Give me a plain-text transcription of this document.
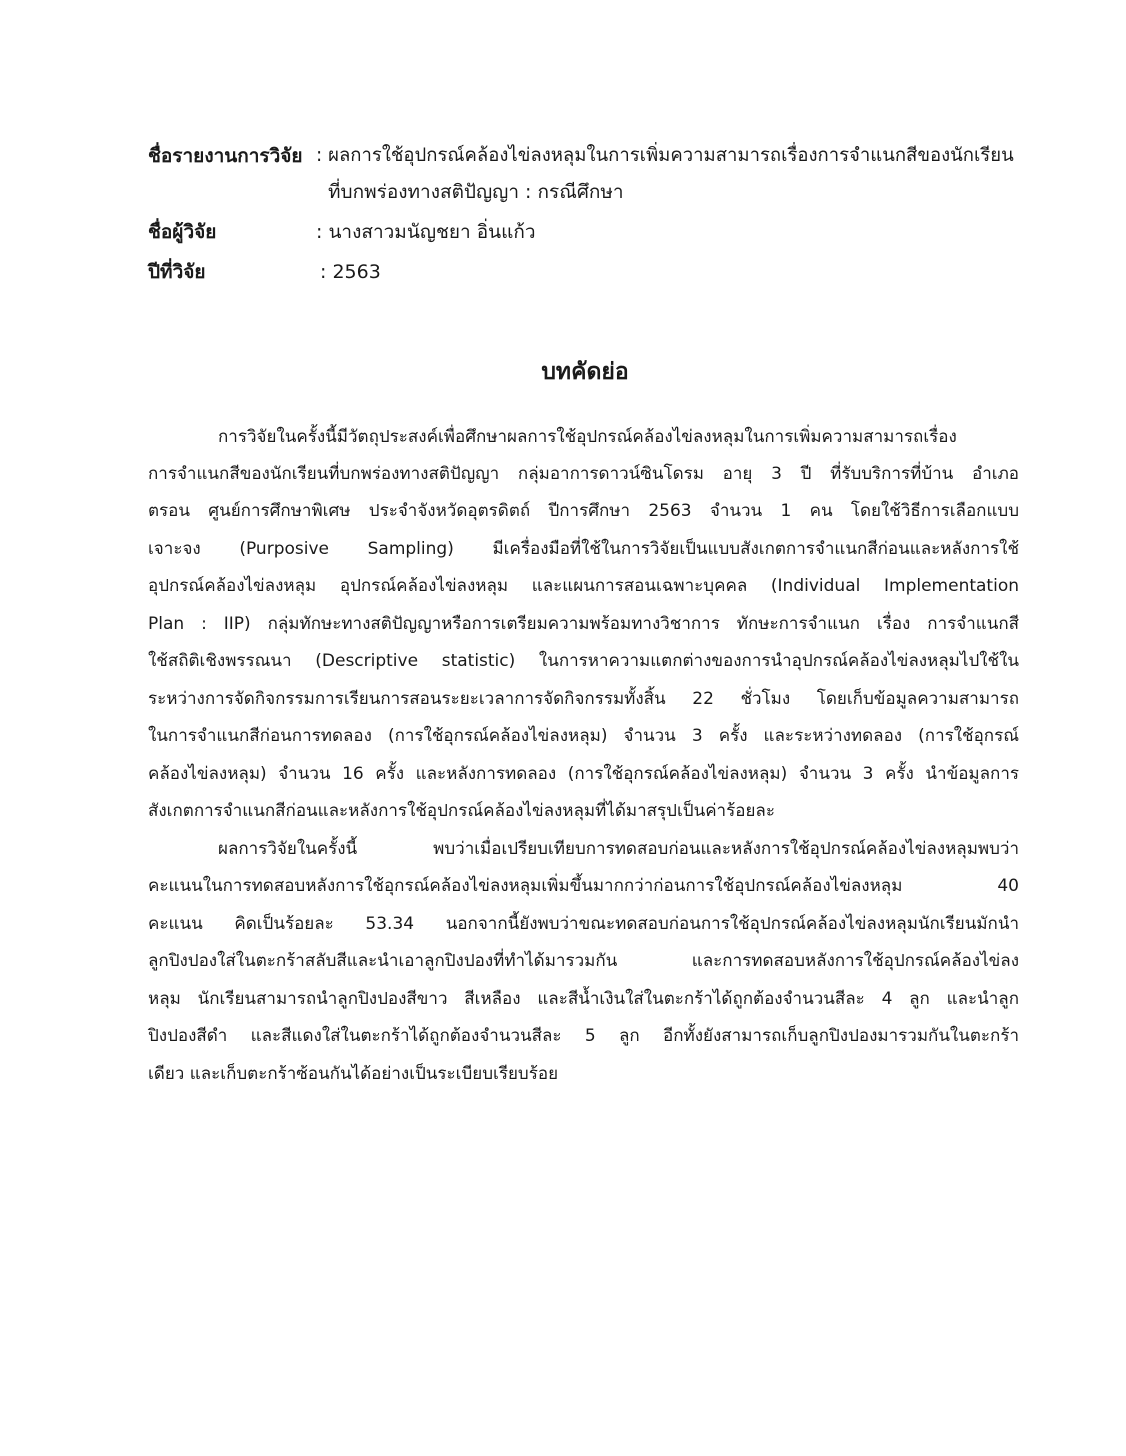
ชื่อรายงานการวิจัย : ผลการใช้อุปกรณ์คล้องไข่ลงหลุมในการเพิ่มความสามารถเรื่องการจำแนกสีของนักเรียน
ที่บกพร่องทางสติปัญญา : กรณีศึกษา
ชื่อผู้วิจัย	: นางสาวมนัญชยา อิ่นแก้ว
ปีที่วิจัย	: 2563
บทคัดย่อ
การวิจัยในครั้งนี้มีวัตถุประสงค์เพื่อศึกษาผลการใช้อุปกรณ์คล้องไข่ลงหลุมในการเพิ่มความสามารถเรื่อง
การจำแนกสีของนักเรียนที่บกพร่องทางสติปัญญา กลุ่มอาการดาวน์ซินโดรม อายุ 3 ปี ที่รับบริการที่บ้าน อำเภอ
ตรอน ศูนย์การศึกษาพิเศษ ประจำจังหวัดอุตรดิตถ์ ปีการศึกษา 2563 จำนวน 1 คน โดยใช้วิธีการเลือกแบบ
เจาะจง (Purposive Sampling) มีเครื่องมือที่ใช้ในการวิจัยเป็นแบบสังเกตการจำแนกสีก่อนและหลังการใช้
อุปกรณ์คล้องไข่ลงหลุม อุปกรณ์คล้องไข่ลงหลุม และแผนการสอนเฉพาะบุคคล (Individual Implementation
Plan : IIP) กลุ่มทักษะทางสติปัญญาหรือการเตรียมความพร้อมทางวิชาการ ทักษะการจำแนก เรื่อง การจำแนกสี
ใช้สถิติเชิงพรรณนา (Descriptive statistic) ในการหาความแตกต่างของการนำอุปกรณ์คล้องไข่ลงหลุมไปใช้ใน
ระหว่างการจัดกิจกรรมการเรียนการสอนระยะเวลาการจัดกิจกรรมทั้งสิ้น 22 ชั่วโมง โดยเก็บข้อมูลความสามารถ
ในการจำแนกสีก่อนการทดลอง (การใช้อุกรณ์คล้องไข่ลงหลุม) จำนวน 3 ครั้ง และระหว่างทดลอง (การใช้อุกรณ์
คล้องไข่ลงหลุม) จำนวน 16 ครั้ง และหลังการทดลอง (การใช้อุกรณ์คล้องไข่ลงหลุม) จำนวน 3 ครั้ง นำข้อมูลการ
สังเกตการจำแนกสีก่อนและหลังการใช้อุปกรณ์คล้องไข่ลงหลุมที่ได้มาสรุปเป็นค่าร้อยละ
ผลการวิจัยในครั้งนี้ พบว่าเมื่อเปรียบเทียบการทดสอบก่อนและหลังการใช้อุปกรณ์คล้องไข่ลงหลุมพบว่า
คะแนนในการทดสอบหลังการใช้อุกรณ์คล้องไข่ลงหลุมเพิ่มขึ้นมากกว่าก่อนการใช้อุปกรณ์คล้องไข่ลงหลุม 40
คะแนน คิดเป็นร้อยละ 53.34 นอกจากนี้ยังพบว่าขณะทดสอบก่อนการใช้อุปกรณ์คล้องไข่ลงหลุมนักเรียนมักนำ
ลูกปิงปองใส่ในตะกร้าสลับสีและนำเอาลูกปิงปองที่ทำได้มารวมกัน และการทดสอบหลังการใช้อุปกรณ์คล้องไข่ลง
หลุม นักเรียนสามารถนำลูกปิงปองสีขาว สีเหลือง และสีน้ำเงินใส่ในตะกร้าได้ถูกต้องจำนวนสีละ 4 ลูก และนำลูก
ปิงปองสีดำ และสีแดงใส่ในตะกร้าได้ถูกต้องจำนวนสีละ 5 ลูก อีกทั้งยังสามารถเก็บลูกปิงปองมารวมกันในตะกร้า
เดียว และเก็บตะกร้าซ้อนกันได้อย่างเป็นระเบียบเรียบร้อย
